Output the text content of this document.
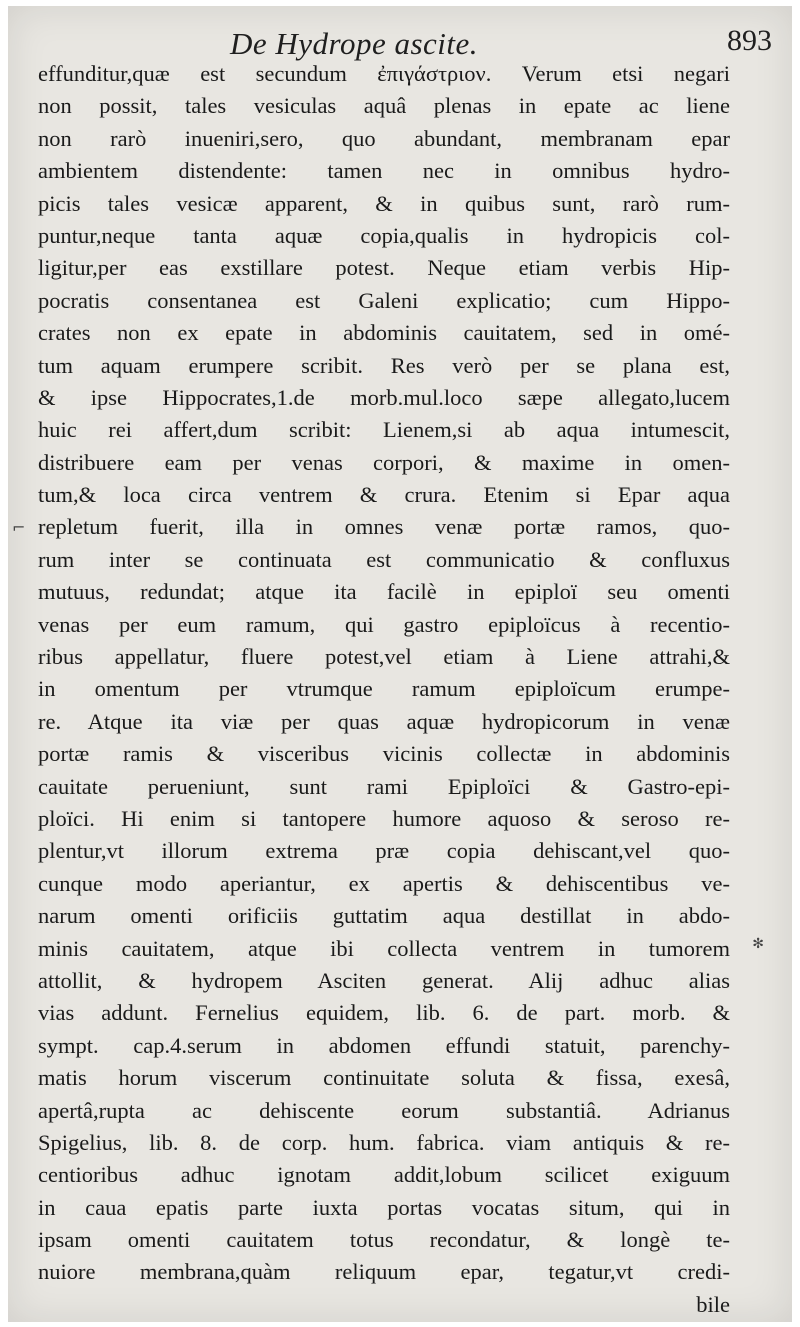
De Hydrope ascite.	893
effunditur,quæ est secundum ἐπιγάστριον. Verum etsi negari
non possit, tales vesiculas aquâ plenas in epate ac liene
non rarò inueniri,sero, quo abundant, membranam epar
ambientem distendente: tamen nec in omnibus hydro-
picis tales vesicæ apparent, & in quibus sunt, rarò rum-
puntur,neque tanta aquæ copia,qualis in hydropicis col-
ligitur,per eas exstillare potest. Neque etiam verbis Hip-
pocratis consentanea est Galeni explicatio; cum Hippo-
crates non ex epate in abdominis cauitatem, sed in omé-
tum aquam erumpere scribit. Res verò per se plana est,
& ipse Hippocrates,1.de morb.mul.loco sæpe allegato,lucem
huic rei affert,dum scribit: Lienem,si ab aqua intumescit,
distribuere eam per venas corpori, & maxime in omen-
tum,& loca circa ventrem & crura. Etenim si Epar aqua
repletum fuerit, illa in omnes venæ portæ ramos, quo-
rum inter se continuata est communicatio & confluxus
mutuus, redundat; atque ita facilè in epiploï seu omenti
venas per eum ramum, qui gastro epiploïcus à recentio-
ribus appellatur, fluere potest,vel etiam à Liene attrahi,&
in omentum per vtrumque ramum epiploïcum erumpe-
re. Atque ita viæ per quas aquæ hydropicorum in venæ
portæ ramis & visceribus vicinis collectæ in abdominis
cauitate perueniunt, sunt rami Epiploïci & Gastro-epi-
ploïci. Hi enim si tantopere humore aquoso & seroso re-
plentur,vt illorum extrema præ copia dehiscant,vel quo-
cunque modo aperiantur, ex apertis & dehiscentibus ve-
narum omenti orificiis guttatim aqua destillat in abdo-
minis cauitatem, atque ibi collecta ventrem in tumorem
attollit, & hydropem Asciten generat. Alij adhuc alias
vias addunt. Fernelius equidem, lib. 6. de part. morb. &
sympt. cap.4.serum in abdomen effundi statuit, parenchy-
matis horum viscerum continuitate soluta & fissa, exesâ,
apertâ,rupta ac dehiscente eorum substantiâ. Adrianus
Spigelius, lib. 8. de corp. hum. fabrica. viam antiquis & re-
centioribus adhuc ignotam addit,lobum scilicet exiguum
in caua epatis parte iuxta portas vocatas situm, qui in
ipsam omenti cauitatem totus recondatur, & longè te-
nuiore membrana,quàm reliquum epar, tegatur,vt credi-
bile
⌐
✻
